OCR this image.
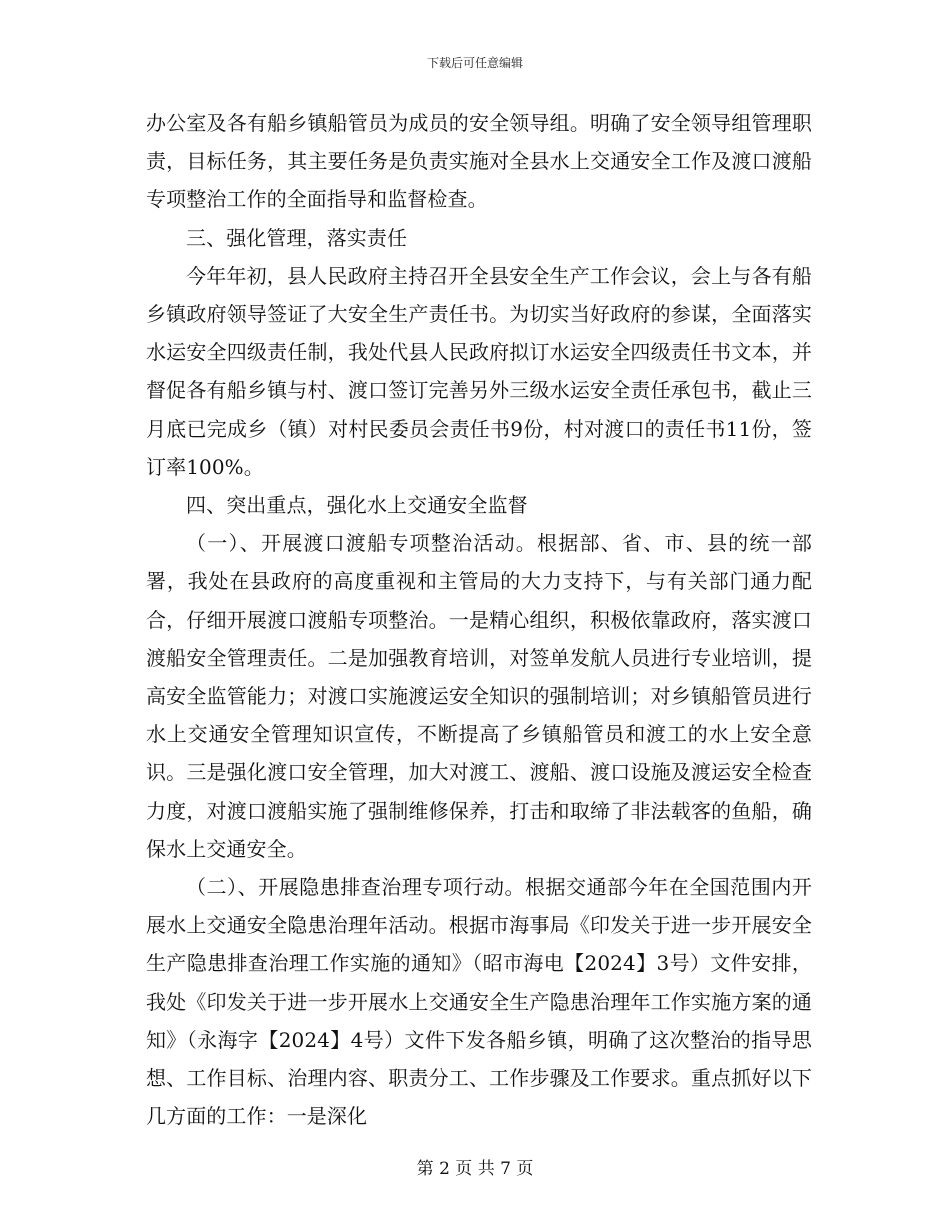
下载后可任意编辑

办公室及各有船乡镇船管员为成员的安全领导组。明确了安全领导组管理职责，目标任务，其主要任务是负责实施对全县水上交通安全工作及渡口渡船专项整治工作的全面指导和监督检查。

三、强化管理，落实责任

今年年初，县人民政府主持召开全县安全生产工作会议，会上与各有船乡镇政府领导签证了大安全生产责任书。为切实当好政府的参谋，全面落实水运安全四级责任制，我处代县人民政府拟订水运安全四级责任书文本，并督促各有船乡镇与村、渡口签订完善另外三级水运安全责任承包书，截止三月底已完成乡（镇）对村民委员会责任书9份，村对渡口的责任书11份，签订率100%。

四、突出重点，强化水上交通安全监督

（一）、开展渡口渡船专项整治活动。根据部、省、市、县的统一部署，我处在县政府的高度重视和主管局的大力支持下，与有关部门通力配合，仔细开展渡口渡船专项整治。一是精心组织，积极依靠政府，落实渡口渡船安全管理责任。二是加强教育培训，对签单发航人员进行专业培训，提高安全监管能力；对渡口实施渡运安全知识的强制培训；对乡镇船管员进行水上交通安全管理知识宣传，不断提高了乡镇船管员和渡工的水上安全意识。三是强化渡口安全管理，加大对渡工、渡船、渡口设施及渡运安全检查力度，对渡口渡船实施了强制维修保养，打击和取缔了非法载客的鱼船，确保水上交通安全。

（二）、开展隐患排查治理专项行动。根据交通部今年在全国范围内开展水上交通安全隐患治理年活动。根据市海事局《印发关于进一步开展安全生产隐患排查治理工作实施的通知》（昭市海电【2024】3号）文件安排，我处《印发关于进一步开展水上交通安全生产隐患治理年工作实施方案的通知》（永海字【2024】4号）文件下发各船乡镇，明确了这次整治的指导思想、工作目标、治理内容、职责分工、工作步骤及工作要求。重点抓好以下几方面的工作：一是深化

第 2 页 共 7 页
